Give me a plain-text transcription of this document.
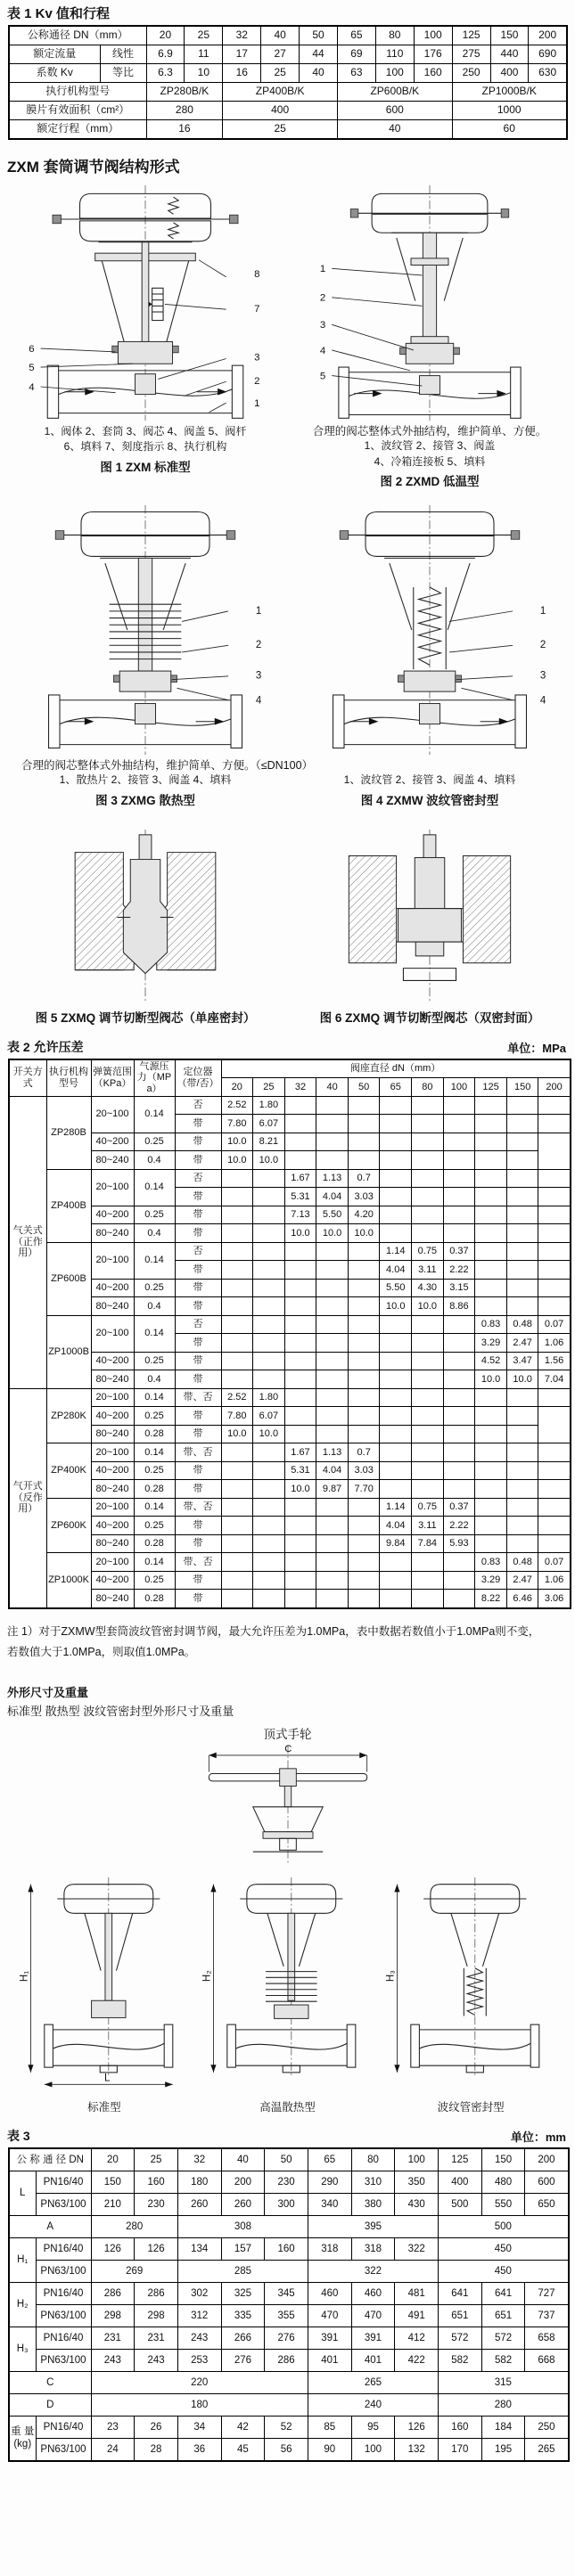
表 1 Kv 值和行程
公称通径 DN（mm）		20	25	32	40	50	65	80	100	125	150	200
额定流量	线性	6.9	11	17	27	44	69	110	176	275	440	690
系数 Kv	等比	6.3	10	16	25	40	63	100	160	250	400	630
执行机构型号		ZP280B/K		ZP400B/K			ZP600B/K			ZP1000B/K		
膜片有效面积（cm²）		280		400			600			1000		
额定行程（mm）		16		25			40			60		
ZXM 套筒调节阀结构形式
8
7
3
2
1
6
5
4
1、阀体 2、套筒 3、阀芯 4、阀盖 5、阀杆
6、填料 7、刻度指示 8、执行机构
图 1 ZXM 标准型
1
2
3
4
5
合理的阀芯整体式外抽结构，维护简单、方便。
1、波纹管 2、接管 3、阀盖
4、冷箱连接板 5、填料
图 2 ZXMD 低温型
1
2
3
4
1
2
3
4
合理的阀芯整体式外抽结构，维护简单、方便。（≤DN100）
1、散热片 2、接管 3、阀盖 4、填料
图 3 ZXMG 散热型
1、波纹管 2、接管 3、阀盖 4、填料
图 4 ZXMW 波纹管密封型
图 5 ZXMQ 调节切断型阀芯（单座密封）	图 6 ZXMQ 调节切断型阀芯（双密封面）
表 2 允许压差	单位：MPa
开关方式	执行机构型号	弹簧范围（KPa）	气源压力（MPa）	定位器（带/否）	阀座直径 dN（mm）										
					20	25	32	40	50	65	80	100	125	150	200
气关式（正作用）	ZP280B	20~100	0.14	否	2.52	1.80									
				带	7.80	6.07									
		40~200	0.25	带	10.0	8.21									
		80~240	0.4	带	10.0	10.0									
	ZP400B	20~100	0.14	否			1.67	1.13	0.7						
				带			5.31	4.04	3.03						
		40~200	0.25	带			7.13	5.50	4.20						
		80~240	0.4	带			10.0	10.0	10.0						
	ZP600B	20~100	0.14	否						1.14	0.75	0.37			
				带						4.04	3.11	2.22			
		40~200	0.25	带						5.50	4.30	3.15			
		80~240	0.4	带						10.0	10.0	8.86			
	ZP1000B	20~100	0.14	否									0.83	0.48	0.07
				带									3.29	2.47	1.06
		40~200	0.25	带									4.52	3.47	1.56
		80~240	0.4	带									10.0	10.0	7.04
气开式（反作用）	ZP280K	20~100	0.14	带、否	2.52	1.80									
		40~200	0.25	带	7.80	6.07									
		80~240	0.28	带	10.0	10.0									
	ZP400K	20~100	0.14	带、否			1.67	1.13	0.7						
		40~200	0.25	带			5.31	4.04	3.03						
		80~240	0.28	带			10.0	9.87	7.70						
	ZP600K	20~100	0.14	带、否						1.14	0.75	0.37			
		40~200	0.25	带						4.04	3.11	2.22			
		80~240	0.28	带						9.84	7.84	5.93			
	ZP1000K	20~100	0.14	带、否									0.83	0.48	0.07
		40~200	0.25	带									3.29	2.47	1.06
		80~240	0.28	带									8.22	6.46	3.06
注 1）对于ZXMW型套筒波纹管密封调节阀，最大允许压差为1.0MPa，表中数据若数值小于1.0MPa则不变，
若数值大于1.0MPa，则取值1.0MPa。
外形尺寸及重量
标准型 散热型 波纹管密封型外形尺寸及重量
顶式手轮
C
H₁
L
H₂	H₃
标准型	高温散热型	波纹管密封型
表 3	单位：mm
公 称 通 径 DN		20	25	32	40	50	65	80	100	125	150	200
L	PN16/40	150	160	180	200	230	290	310	350	400	480	600
	PN63/100	210	230	260	260	300	340	380	430	500	550	650
A		280		308			395			500		
H₁	PN16/40	126	126	134	157	160	318	318	322	450		
	PN63/100	269		285			322			450		
H₂	PN16/40	286	286	302	325	345	460	460	481	641	641	727
	PN63/100	298	298	312	335	355	470	470	491	651	651	737
H₃	PN16/40	231	231	243	266	276	391	391	412	572	572	658
	PN63/100	243	243	253	276	286	401	401	422	582	582	668
C		220					265			315		
D		180					240			280		
重 量 (kg)	PN16/40	23	26	34	42	52	85	95	126	160	184	250
	PN63/100	24	28	36	45	56	90	100	132	170	195	265
